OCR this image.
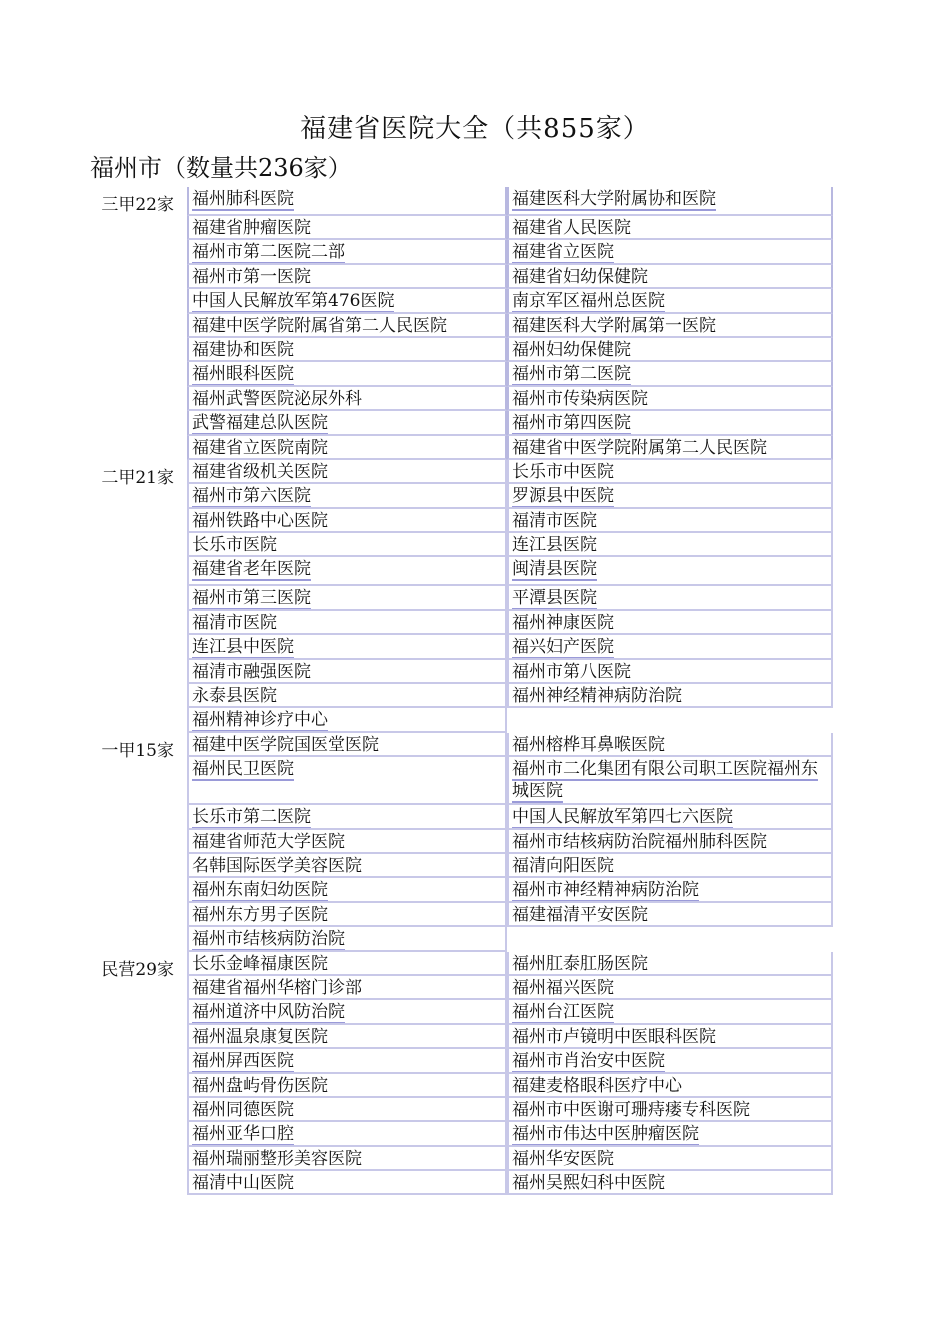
福建省医院大全（共855家）
福州市（数量共236家）
三甲22家	福州肺科医院	福建医科大学附属协和医院
福建省肿瘤医院	福建省人民医院
福州市第二医院二部	福建省立医院
福州市第一医院	福建省妇幼保健院
中国人民解放军第476医院	南京军区福州总医院
福建中医学院附属省第二人民医院	福建医科大学附属第一医院
福建协和医院	福州妇幼保健院
福州眼科医院	福州市第二医院
福州武警医院泌尿外科	福州市传染病医院
武警福建总队医院	福州市第四医院
福建省立医院南院	福建省中医学院附属第二人民医院
二甲21家	福建省级机关医院	长乐市中医院
福州市第六医院	罗源县中医院
福州铁路中心医院	福清市医院
长乐市医院	连江县医院
福建省老年医院	闽清县医院
福州市第三医院	平潭县医院
福清市医院	福州神康医院
连江县中医院	福兴妇产医院
福清市融强医院	福州市第八医院
永泰县医院	福州神经精神病防治院
福州精神诊疗中心
一甲15家	福建中医学院国医堂医院	福州榕桦耳鼻喉医院
福州民卫医院	福州市二化集团有限公司职工医院福州东城医院
长乐市第二医院	中国人民解放军第四七六医院
福建省师范大学医院	福州市结核病防治院福州肺科医院
名韩国际医学美容医院	福清向阳医院
福州东南妇幼医院	福州市神经精神病防治院
福州东方男子医院	福建福清平安医院
福州市结核病防治院
民营29家	长乐金峰福康医院	福州肛泰肛肠医院
福建省福州华榕门诊部	福州福兴医院
福州道济中风防治院	福州台江医院
福州温泉康复医院	福州市卢镜明中医眼科医院
福州屏西医院	福州市肖治安中医院
福州盘屿骨伤医院	福建麦格眼科医疗中心
福州同德医院	福州市中医谢可珊痔瘘专科医院
福州亚华口腔	福州市伟达中医肿瘤医院
福州瑞丽整形美容医院	福州华安医院
福清中山医院	福州吴熙妇科中医院
